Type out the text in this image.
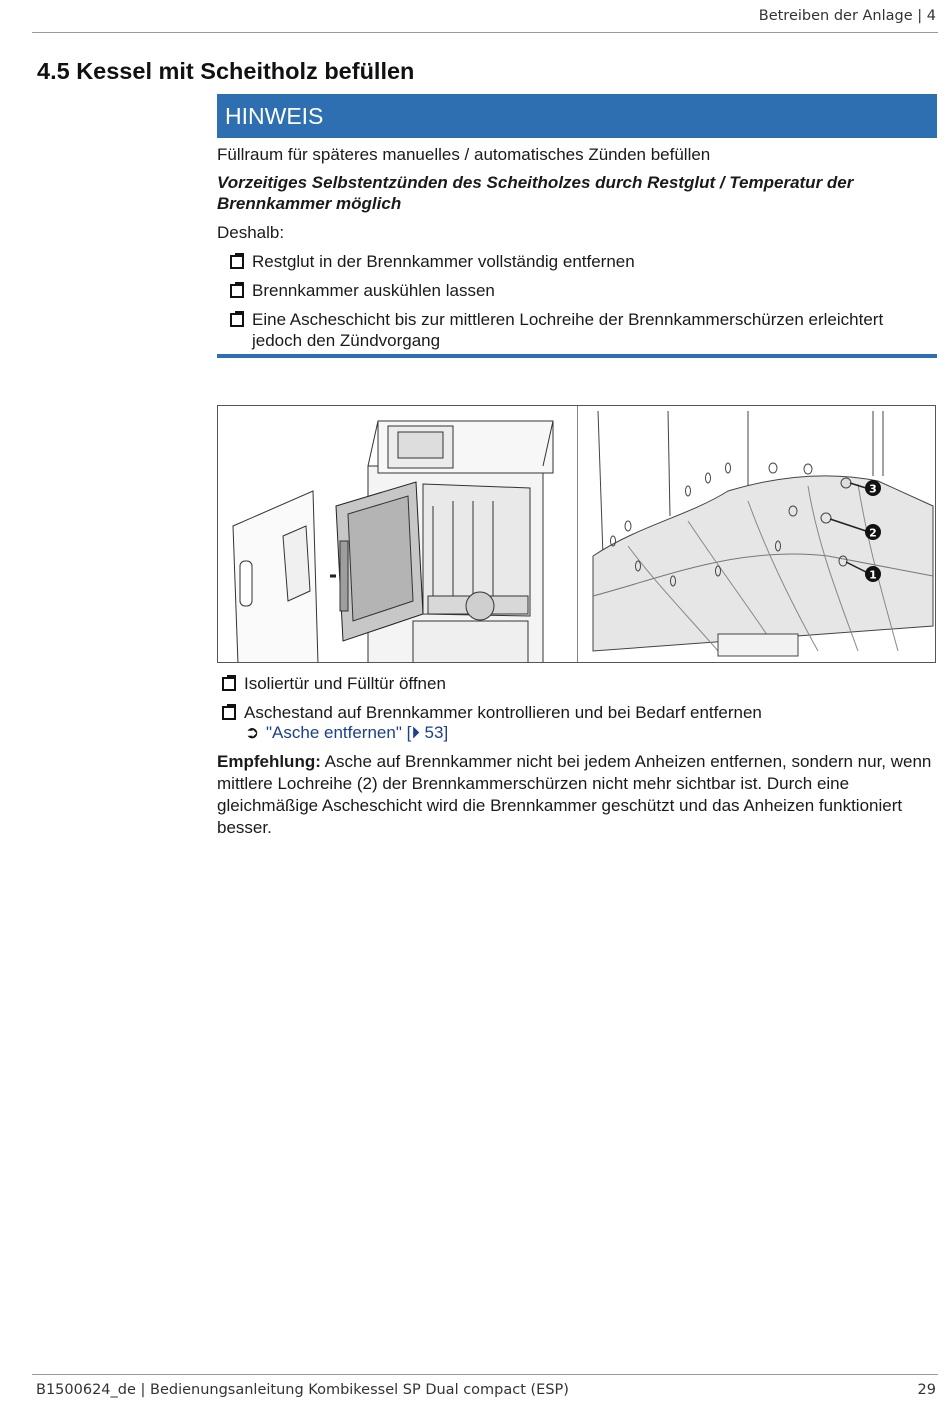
Betreiben der Anlage | 4
4.5 Kessel mit Scheitholz befüllen
HINWEIS

Füllraum für späteres manuelles / automatisches Zünden befüllen

Vorzeitiges Selbstentzünden des Scheitholzes durch Restglut / Temperatur der Brennkammer möglich

Deshalb:

Restglut in der Brennkammer vollständig entfernen
Brennkammer auskühlen lassen
Eine Ascheschicht bis zur mittleren Lochreihe der Brennkammerschürzen erleichtert jedoch den Zündvorgang
3
2
1
Isoliertür und Fülltür öffnen
Aschestand auf Brennkammer kontrollieren und bei Bedarf entfernen
➲ "Asche entfernen" [⏵ 53]

Empfehlung: Asche auf Brennkammer nicht bei jedem Anheizen entfernen, sondern nur, wenn mittlere Lochreihe (2) der Brennkammerschürzen nicht mehr sichtbar ist. Durch eine gleichmäßige Ascheschicht wird die Brennkammer geschützt und das Anheizen funktioniert besser.

B1500624_de | Bedienungsanleitung Kombikessel SP Dual compact (ESP)	29
